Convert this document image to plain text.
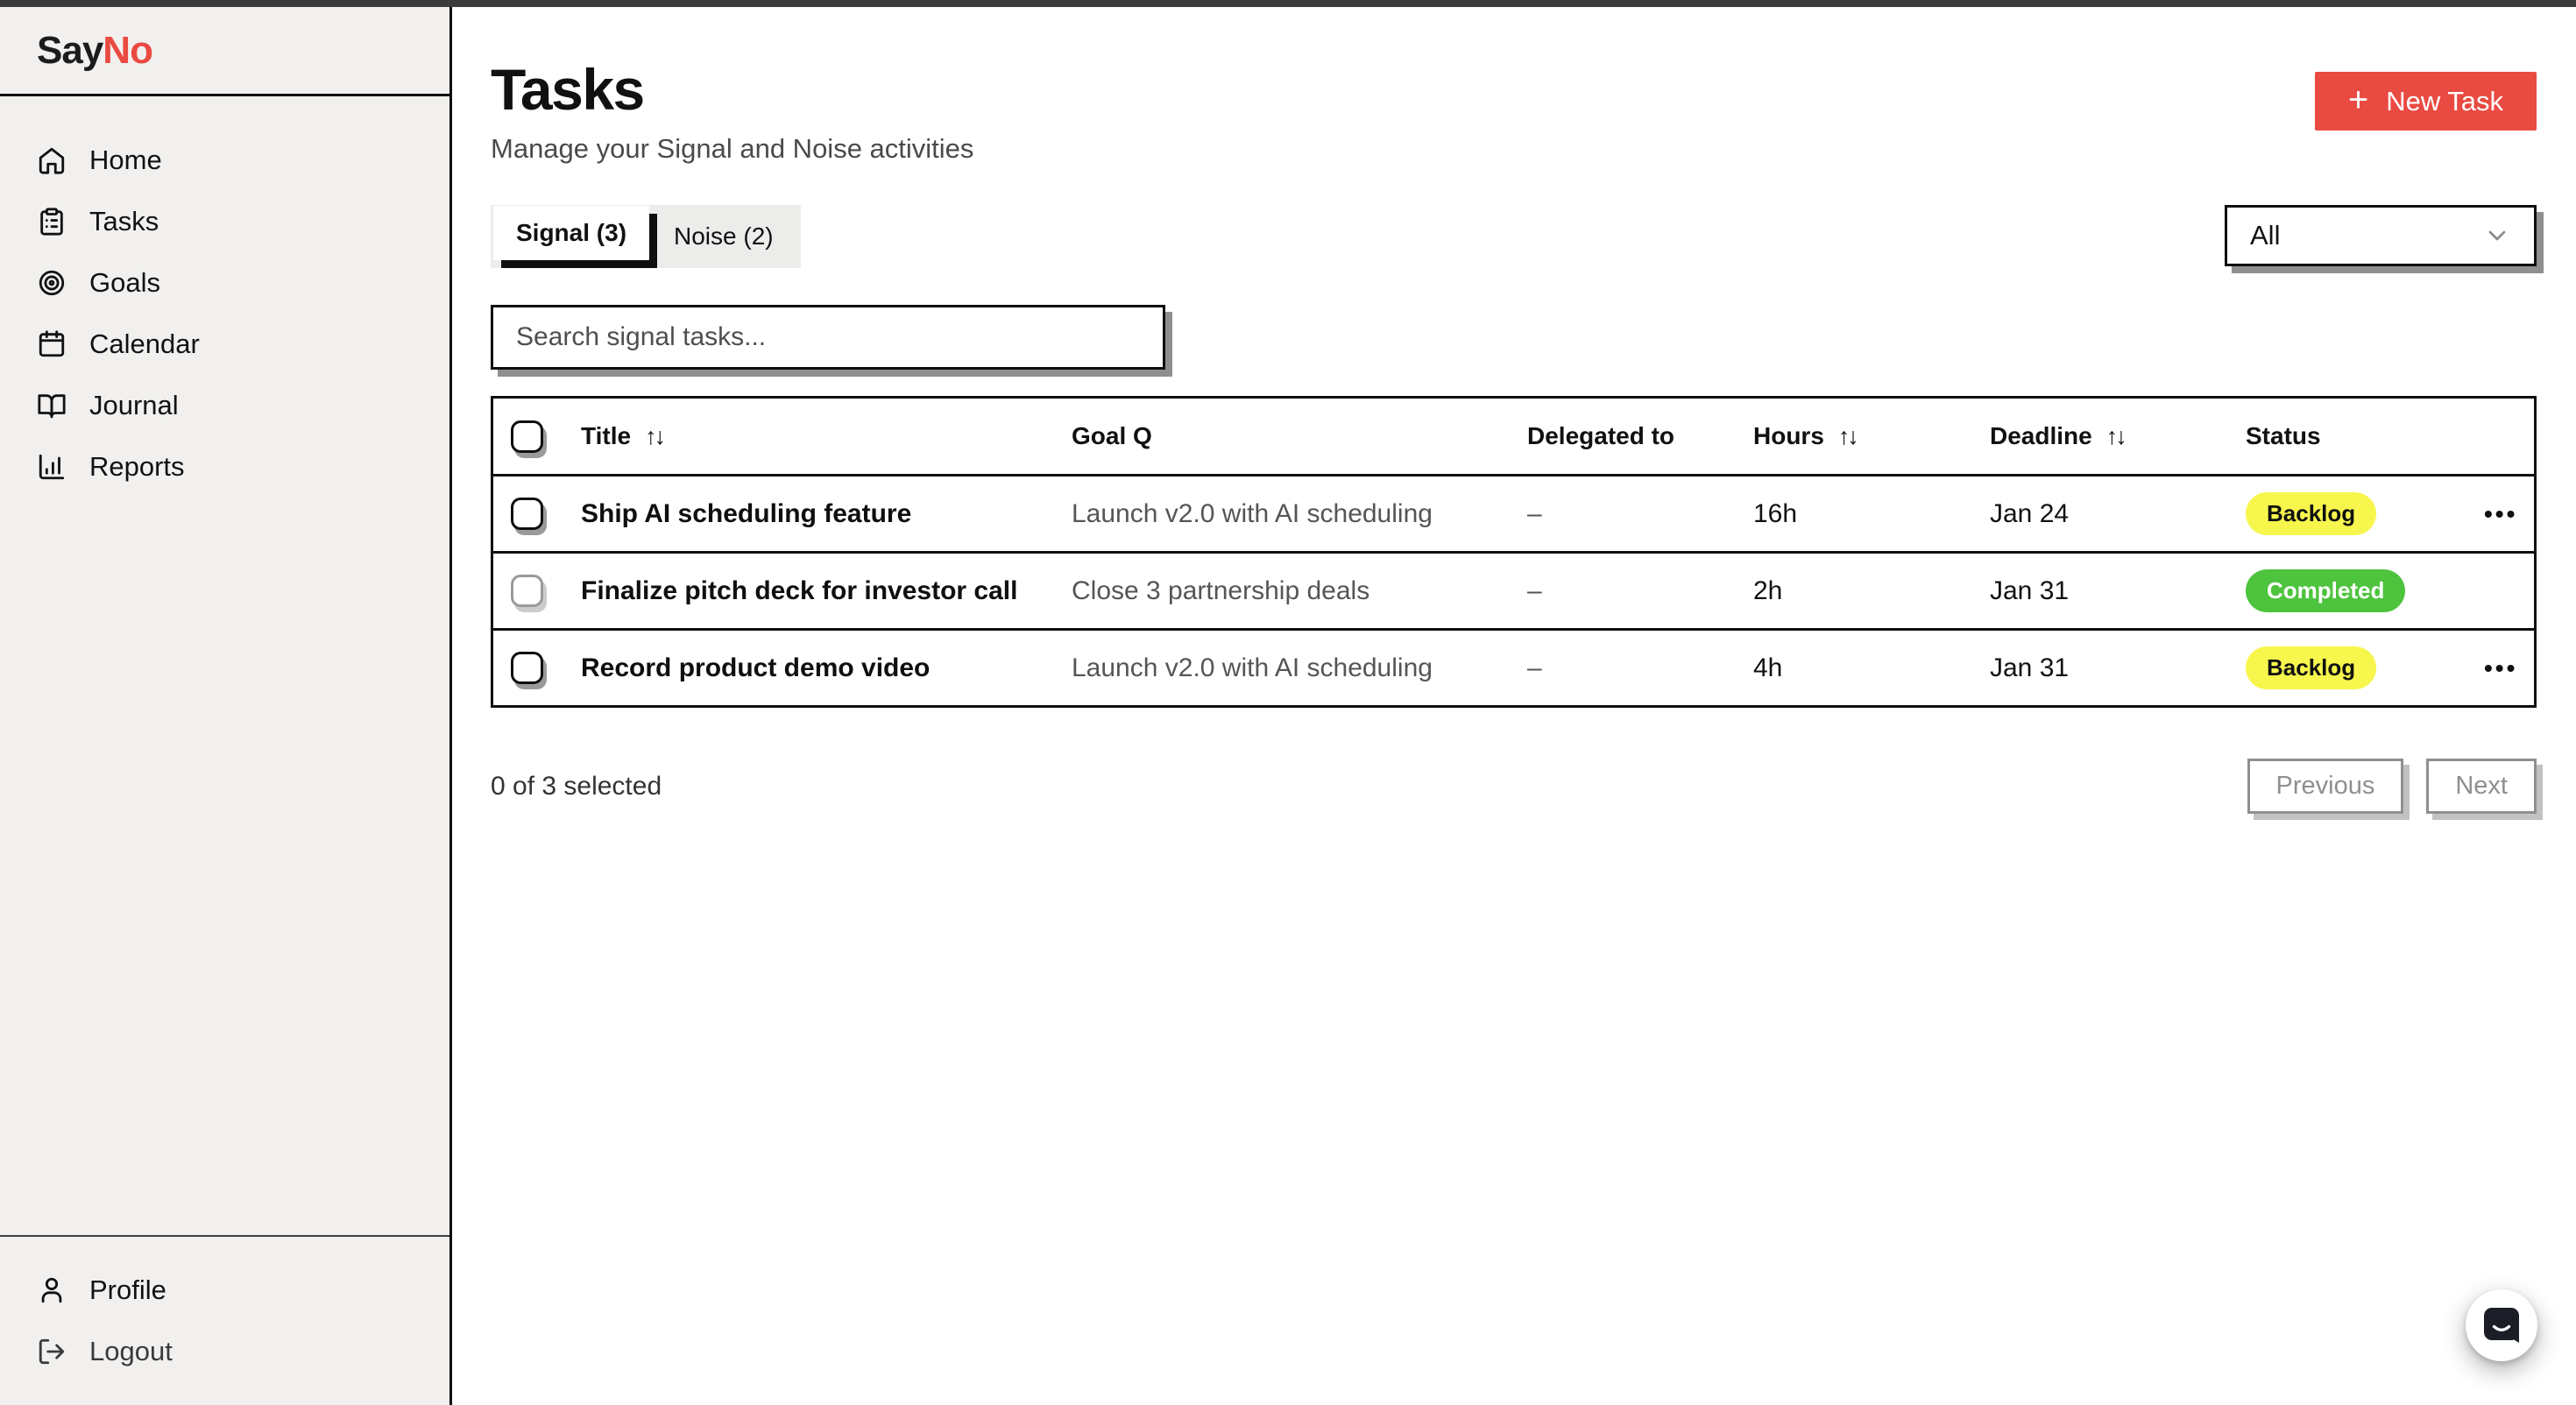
Say No
Home
Tasks
Goals
Calendar
Journal
Reports
Profile
Logout
Tasks

Manage your Signal and Noise activities

+ New Task
Signal (3)	Noise (2)	All
Search signal tasks...
Title ↑↓	Goal Q	Delegated to	Hours ↑↓	Deadline ↑↓	Status
Ship AI scheduling feature	Launch v2.0 with AI scheduling	–	16h	Jan 24	Backlog	•••
Finalize pitch deck for investor call	Close 3 partnership deals	–	2h	Jan 31	Completed
Record product demo video	Launch v2.0 with AI scheduling	–	4h	Jan 31	Backlog	•••
0 of 3 selected	Previous	Next
